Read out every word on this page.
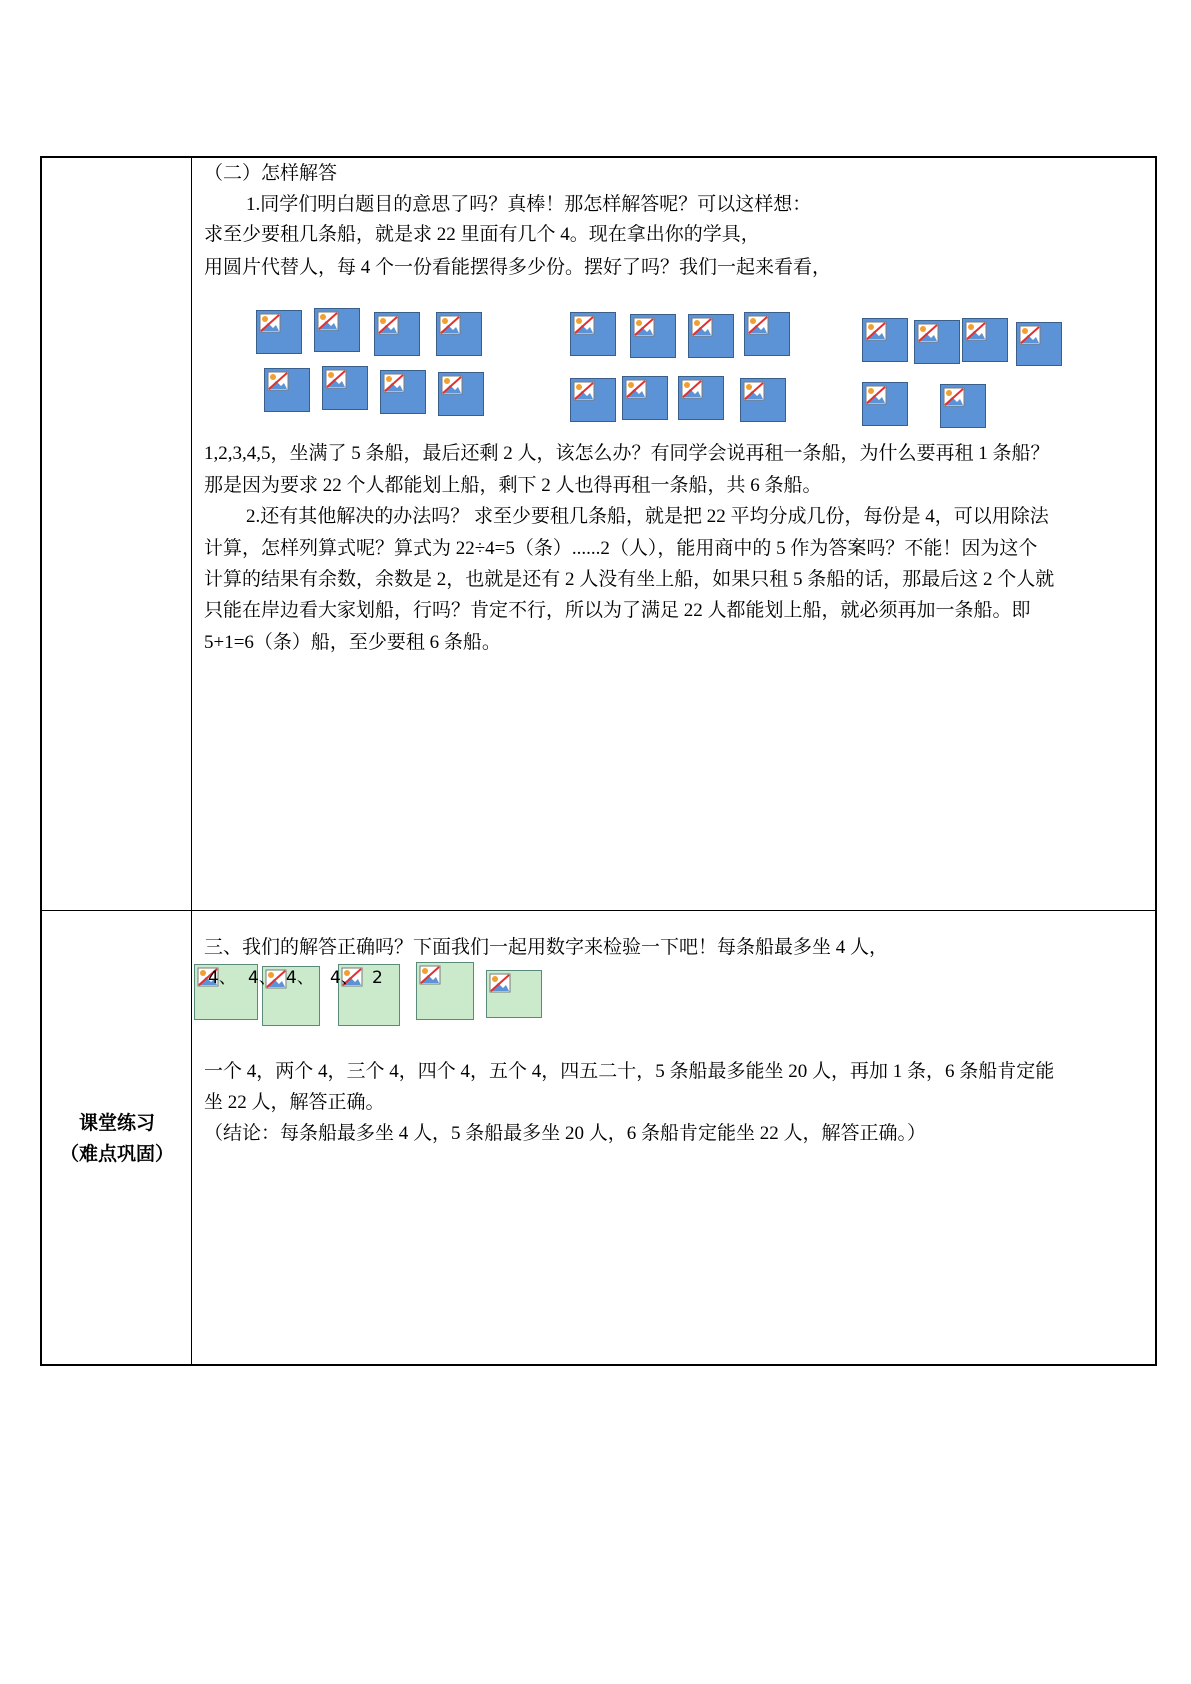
课堂练习
（难点巩固）
（二）怎样解答
1.同学们明白题目的意思了吗？真棒！那怎样解答呢？可以这样想：
求至少要租几条船，就是求 22 里面有几个 4。现在拿出你的学具，
用圆片代替人，每 4 个一份看能摆得多少份。摆好了吗？我们一起来看看，
1,2,3,4,5，坐满了 5 条船，最后还剩 2 人，该怎么办？有同学会说再租一条船，为什么要再租 1 条船？
那是因为要求 22 个人都能划上船，剩下 2 人也得再租一条船，共 6 条船。
2.还有其他解决的办法吗？ 求至少要租几条船，就是把 22 平均分成几份，每份是 4，可以用除法
计算，怎样列算式呢？算式为 22÷4=5（条）......2（人），能用商中的 5 作为答案吗？不能！因为这个
计算的结果有余数，余数是 2，也就是还有 2 人没有坐上船，如果只租 5 条船的话，那最后这 2 个人就
只能在岸边看大家划船，行吗？肯定不行，所以为了满足 22 人都能划上船，就必须再加一条船。即
5+1=6（条）船，至少要租 6 条船。
三、我们的解答正确吗？下面我们一起用数字来检验一下吧！每条船最多坐 4 人，
4、 4、 4、 4、 2
一个 4，两个 4，三个 4，四个 4，五个 4，四五二十，5 条船最多能坐 20 人，再加 1 条，6 条船肯定能
坐 22 人，解答正确。
（结论：每条船最多坐 4 人，5 条船最多坐 20 人，6 条船肯定能坐 22 人，解答正确。）
